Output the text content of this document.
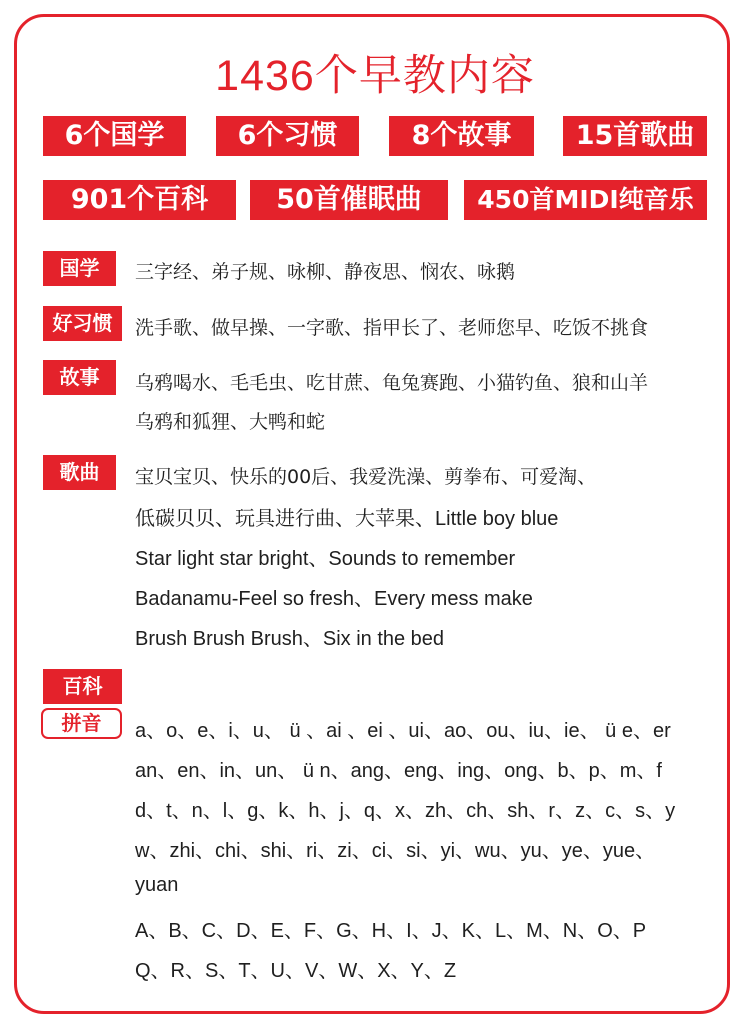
1436个早教内容
6个国学	6个习惯	8个故事	15首歌曲
901个百科	50首催眠曲	450首MIDI纯音乐
国学	三字经、弟子规、咏柳、静夜思、悯农、咏鹅
好习惯	洗手歌、做早操、一字歌、指甲长了、老师您早、吃饭不挑食
故事	乌鸦喝水、毛毛虫、吃甘蔗、龟兔赛跑、小猫钓鱼、狼和山羊
乌鸦和狐狸、大鸭和蛇
歌曲	宝贝宝贝、快乐的00后、我爱洗澡、剪拳布、可爱淘、
低碳贝贝、玩具进行曲、大苹果、Little boy blue
Star light star bright、Sounds to remember
Badanamu-Feel so fresh、Every mess make
Brush Brush Brush、Six in the bed
百科
拼音	a、o、e、i、u、 ü 、ai 、ei 、ui、ao、ou、iu、ie、 ü e、er
an、en、in、un、 ü n、ang、eng、ing、ong、b、p、m、f
d、t、n、l、g、k、h、j、q、x、zh、ch、sh、r、z、c、s、y
w、zhi、chi、shi、ri、zi、ci、si、yi、wu、yu、ye、yue、
yuan
A、B、C、D、E、F、G、H、I、J、K、L、M、N、O、P
Q、R、S、T、U、V、W、X、Y、Z
